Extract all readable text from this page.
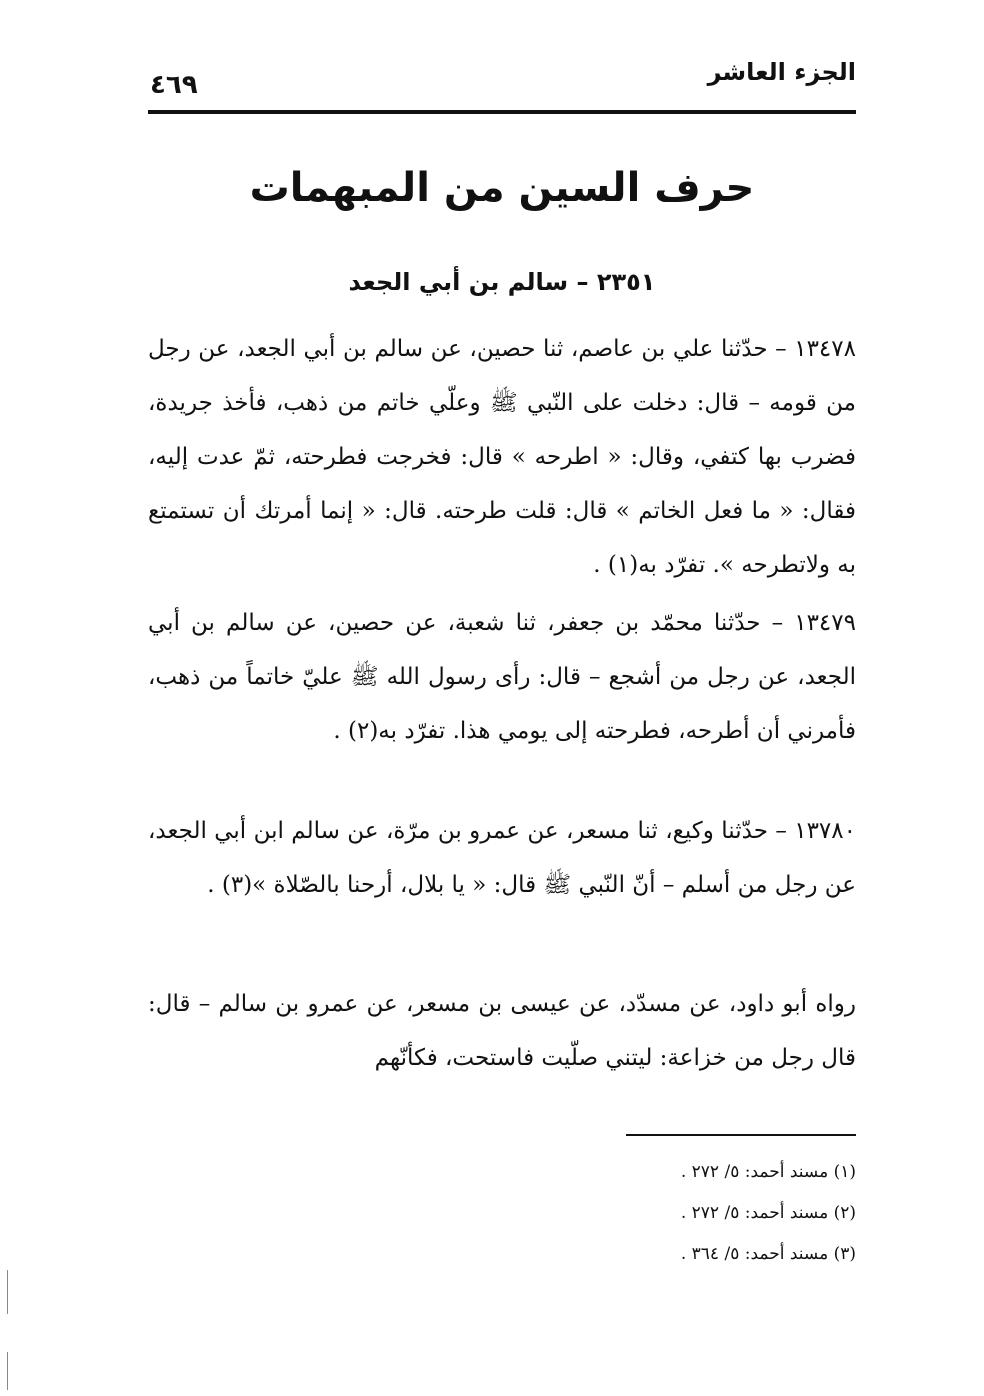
الجزء العاشر
٤٦٩
حرف السين من المبهمات
٢٣٥١ – سالم بن أبي الجعد

١٣٤٧٨ – حدّثنا علي بن عاصم، ثنا حصين، عن سالم بن أبي الجعد، عن رجل من قومه – قال: دخلت على النّبي ﷺ وعلّي خاتم من ذهب، فأخذ جريدة، فضرب بها كتفي، وقال: « اطرحه » قال: فخرجت فطرحته، ثمّ عدت إليه، فقال: « ما فعل الخاتم » قال: قلت طرحته. قال: « إنما أمرتك أن تستمتع به ولاتطرحه ». تفرّد به(١) .

١٣٤٧٩ – حدّثنا محمّد بن جعفر، ثنا شعبة، عن حصين، عن سالم بن أبي الجعد، عن رجل من أشجع – قال: رأى رسول الله ﷺ عليّ خاتماً من ذهب، فأمرني أن أطرحه، فطرحته إلى يومي هذا. تفرّد به(٢) .

١٣٧٨٠ – حدّثنا وكيع، ثنا مسعر، عن عمرو بن مرّة، عن سالم ابن أبي الجعد، عن رجل من أسلم – أنّ النّبي ﷺ قال: « يا بلال، أرحنا بالصّلاة »(٣) .

رواه أبو داود، عن مسدّد، عن عيسى بن مسعر، عن عمرو بن سالم – قال: قال رجل من خزاعة: ليتني صلّيت فاستحت، فكأنّهم

(١) مسند أحمد: ٥/ ٢٧٢ .
(٢) مسند أحمد: ٥/ ٢٧٢ .
(٣) مسند أحمد: ٥/ ٣٦٤ .
